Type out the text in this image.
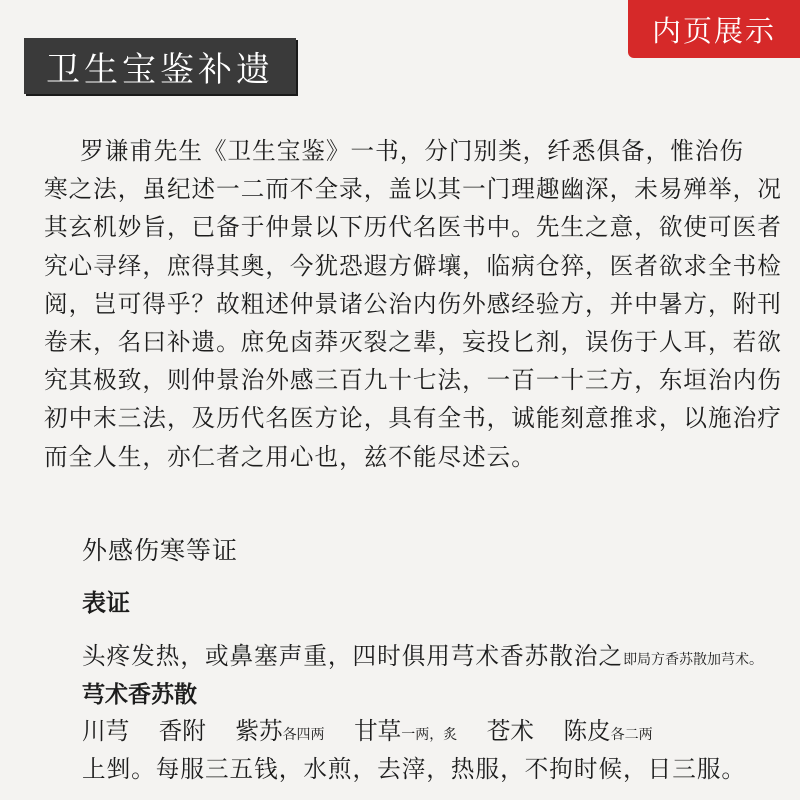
内页展示
卫生宝鉴补遗
罗谦甫先生《卫生宝鉴》一书，分门别类，纤悉俱备，惟治伤
寒之法，虽纪述一二而不全录，盖以其一门理趣幽深，未易殚举，况
其玄机妙旨，已备于仲景以下历代名医书中。先生之意，欲使可医者
究心寻绎，庶得其奥，今犹恐遐方僻壤，临病仓猝，医者欲求全书检
阅，岂可得乎？故粗述仲景诸公治内伤外感经验方，并中暑方，附刊
卷末，名曰补遗。庶免卤莽灭裂之辈，妄投匕剂，误伤于人耳，若欲
究其极致，则仲景治外感三百九十七法，一百一十三方，东垣治内伤
初中末三法，及历代名医方论，具有全书，诚能刻意推求，以施治疗
而全人生，亦仁者之用心也，兹不能尽述云。

外感伤寒等证
表证
头疼发热，或鼻塞声重，四时俱用芎术香苏散治之即局方香苏散加芎术。
芎术香苏散
川芎 香附 紫苏各四两 甘草一两，炙 苍术 陈皮各二两
上剉。每服三五钱，水煎，去滓，热服，不拘时候，日三服。
